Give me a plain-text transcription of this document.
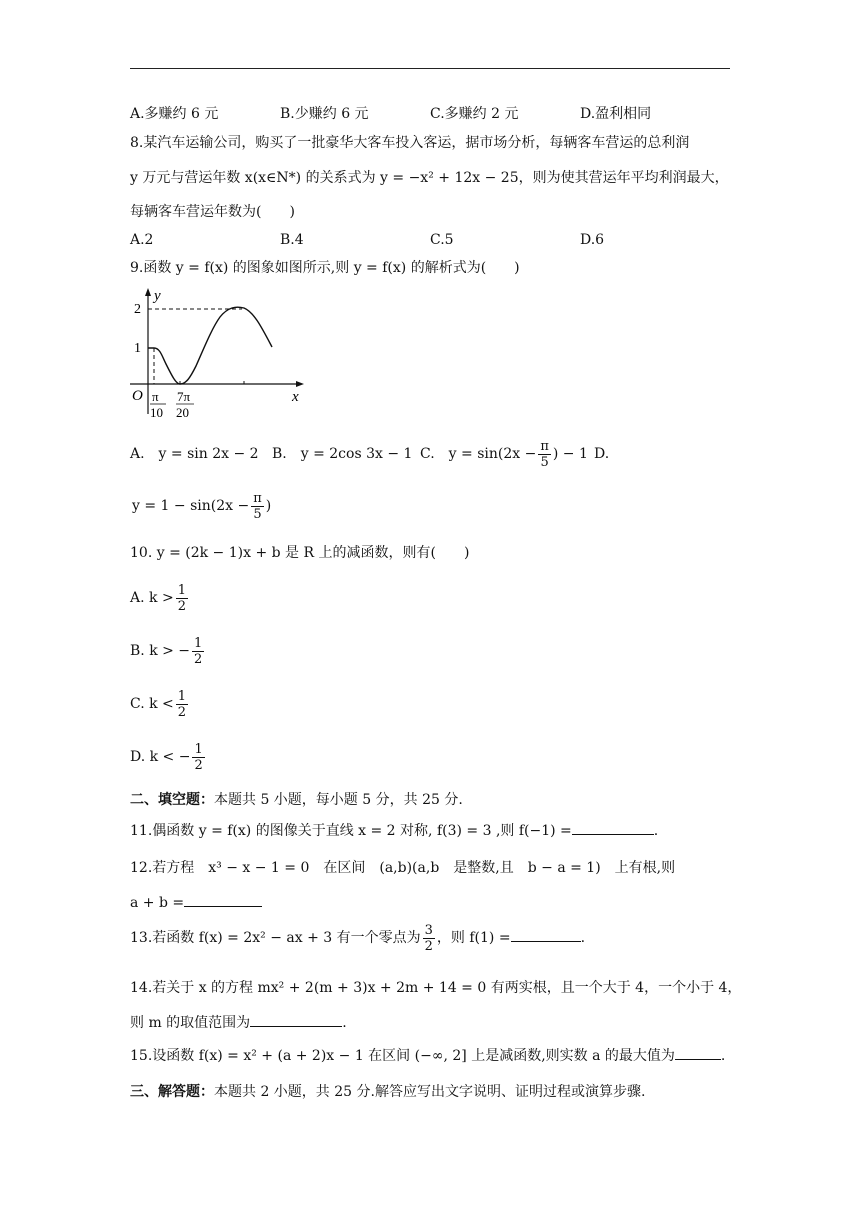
A.多赚约 6 元	B.少赚约 6 元	C.多赚约 2 元	D.盈利相同
8.某汽车运输公司，购买了一批豪华大客车投入客运，据市场分析，每辆客车营运的总利润
y 万元与营运年数 x(x∈N*) 的关系式为 y = −x² + 12x − 25，则为使其营运年平均利润最大，
每辆客车营运年数为(　　)
A.2	B.4	C.5	D.6
9.函数 y = f(x) 的图象如图所示,则 y = f(x) 的解析式为(　　)
y
x
O
2
1
π
10
7π
20
A.　y = sin 2x − 2 B.　y = 2cos 3x − 1 C.　$y = \sin(2x - \frac{\pi}{5}$ ) − 1 D.
$y = 1 - \sin(2x - \frac{\pi}{5}$ )
10. y = (2k − 1)x + b 是 R 上的减函数，则有(　　)
A. $k > \frac{1}{2}$
B. k > − $\frac{1}{2}$
C. $k < \frac{1}{2}$
D. k < − $\frac{1}{2}$
二、填空题：本题共 5 小题，每小题 5 分，共 25 分.
11.偶函数 y = f(x) 的图像关于直线 x = 2 对称, f(3) = 3 ,则 f(−1) =	.
12.若方程　x³ − x − 1 = 0　在区间　(a,b)(a,b　是整数,且　b − a = 1)　上有根,则
a + b =
13.若函数 f(x) = 2x² − ax + 3 有一个零点为 $\frac{3}{2}$ ，则 f(1) =	.
14.若关于 x 的方程 mx² + 2(m + 3)x + 2m + 14 = 0 有两实根，且一个大于 4，一个小于 4，
则 m 的取值范围为	.
15.设函数 f(x) = x² + (a + 2)x − 1 在区间 (−∞, 2] 上是减函数,则实数 a 的最大值为	.
三、解答题：本题共 2 小题，共 25 分.解答应写出文字说明、证明过程或演算步骤.
